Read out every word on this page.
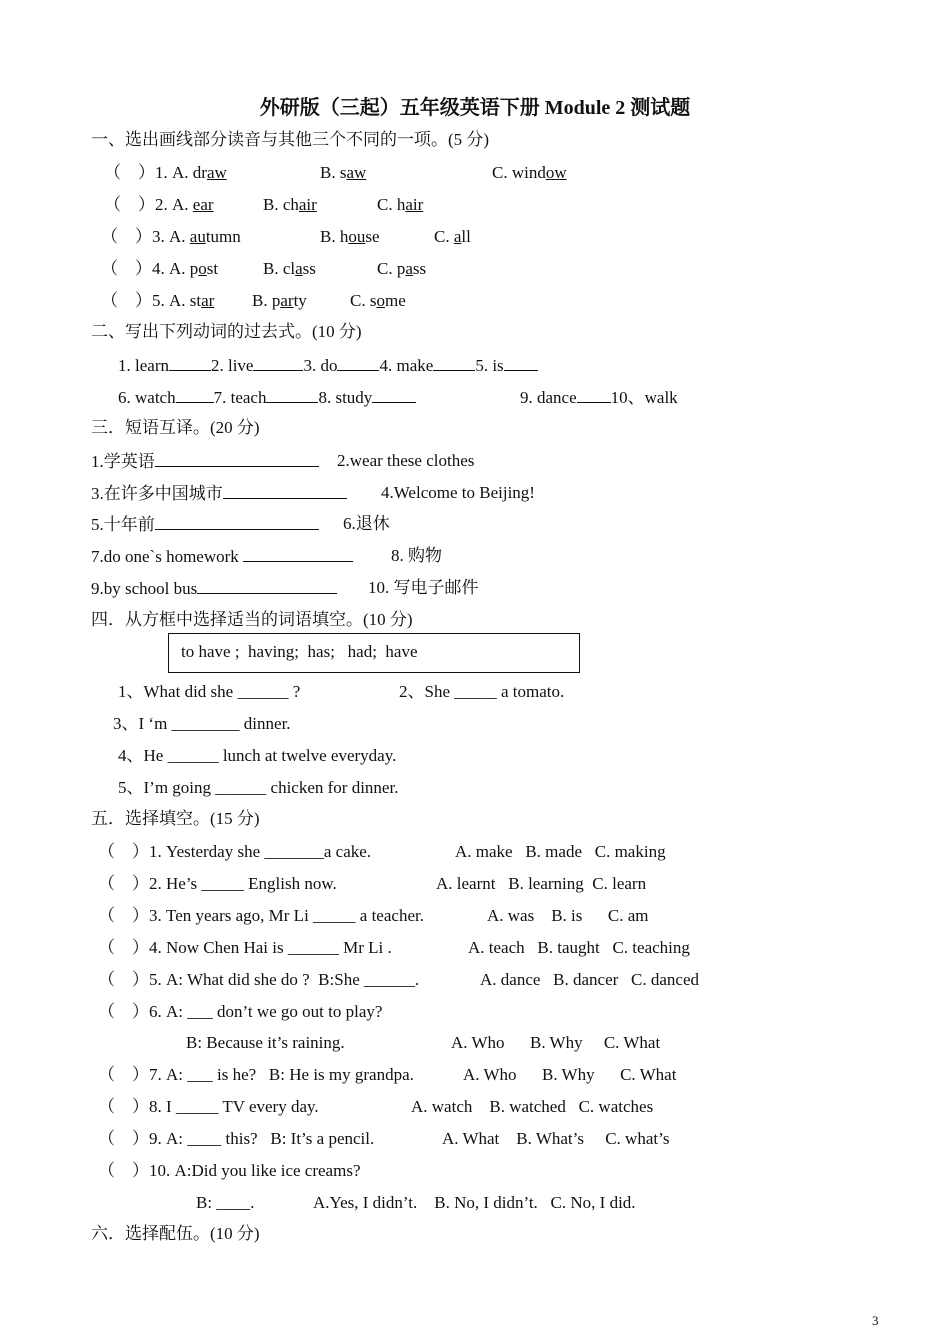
外研版（三起）五年级英语下册 Module 2 测试题
一、选出画线部分读音与其他三个不同的一项。(5 分)
（　）1. A. draw	B. saw	C. window
（　）2. A. ear	B. chair	C. hair
（　）3. A. autumn	B. house	C. all
（　）4. A. post	B. class	C. pass
（　）5. A. star B. party	C. some
二、写出下列动词的过去式。(10 分)
1. learn 2. live	3. do 4. make 5. is
6. watch 7. teach	8. study	9. dance 10、walk
三．短语互译。(20 分)
1.学英语	2.wear these clothes
3.在许多中国城市	4.Welcome to Beijing!
5.十年前	6.退休
7.do one`s homework	8. 购物
9.by school bus	10. 写电子邮件
四．从方框中选择适当的词语填空。(10 分)
to have ;  having;  has;   had;  have
1、What did she ______ ?	2、She _____ a tomato.
3、I ‘m ________ dinner.
4、He ______ lunch at twelve everyday.
5、I’m going ______ chicken for dinner.
五．选择填空。(15 分)
（　）1. Yesterday she _______a cake.	A. make   B. made   C. making
（　）2. He’s _____ English now.	A. learnt   B. learning  C. learn
（　）3. Ten years ago, Mr Li _____ a teacher.	A. was    B. is      C. am
（　）4. Now Chen Hai is ______ Mr Li .	A. teach   B. taught   C. teaching
（　）5. A: What did she do ?  B:She ______.	A. dance   B. dancer   C. danced
（　）6. A: ___ don’t we go out to play?
B: Because it’s raining.	A. Who      B. Why     C. What
（　）7. A: ___ is he?   B: He is my grandpa.	A. Who      B. Why      C. What
（　）8. I _____ TV every day.	A. watch    B. watched   C. watches
（　）9. A: ____ this?   B: It’s a pencil.	A. What    B. What’s     C. what’s
（　）10. A:Did you like ice creams?
B: ____.	A.Yes, I didn’t.    B. No, I didn’t.   C. No, I did.
六．选择配伍。(10 分)
3
